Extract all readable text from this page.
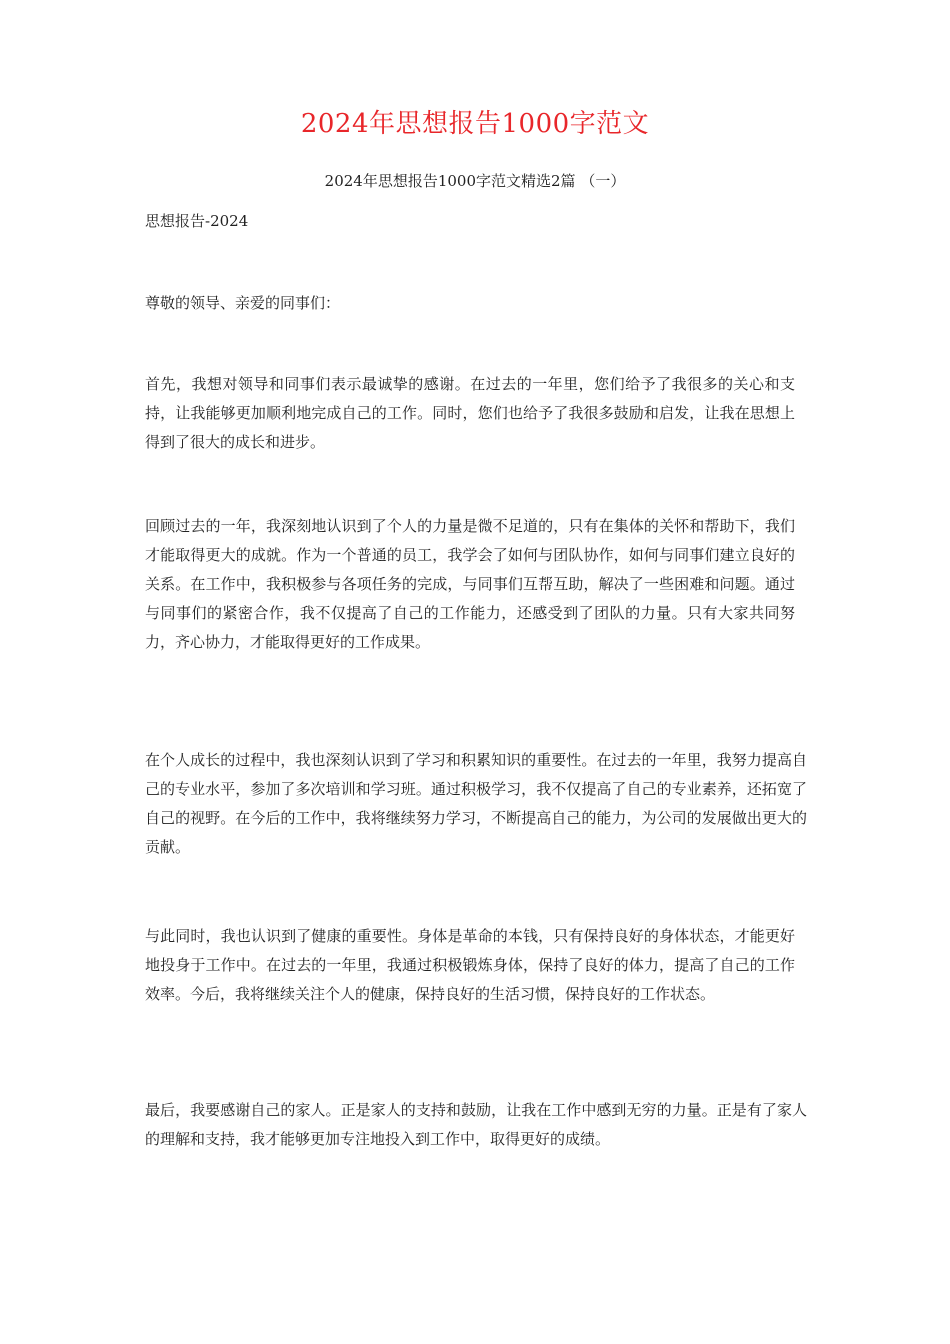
2024年思想报告1000字范文

2024年思想报告1000字范文精选2篇 （一）

思想报告-2024

尊敬的领导、亲爱的同事们：

首先，我想对领导和同事们表示最诚挚的感谢。在过去的一年里，您们给予了我很多的关心和支持，让我能够更加顺利地完成自己的工作。同时，您们也给予了我很多鼓励和启发，让我在思想上得到了很大的成长和进步。

回顾过去的一年，我深刻地认识到了个人的力量是微不足道的，只有在集体的关怀和帮助下，我们才能取得更大的成就。作为一个普通的员工，我学会了如何与团队协作，如何与同事们建立良好的关系。在工作中，我积极参与各项任务的完成，与同事们互帮互助，解决了一些困难和问题。通过与同事们的紧密合作，我不仅提高了自己的工作能力，还感受到了团队的力量。只有大家共同努力，齐心协力，才能取得更好的工作成果。

在个人成长的过程中，我也深刻认识到了学习和积累知识的重要性。在过去的一年里，我努力提高自己的专业水平，参加了多次培训和学习班。通过积极学习，我不仅提高了自己的专业素养，还拓宽了自己的视野。在今后的工作中，我将继续努力学习，不断提高自己的能力，为公司的发展做出更大的贡献。

与此同时，我也认识到了健康的重要性。身体是革命的本钱，只有保持良好的身体状态，才能更好地投身于工作中。在过去的一年里，我通过积极锻炼身体，保持了良好的体力，提高了自己的工作效率。今后，我将继续关注个人的健康，保持良好的生活习惯，保持良好的工作状态。

最后，我要感谢自己的家人。正是家人的支持和鼓励，让我在工作中感到无穷的力量。正是有了家人的理解和支持，我才能够更加专注地投入到工作中，取得更好的成绩。
